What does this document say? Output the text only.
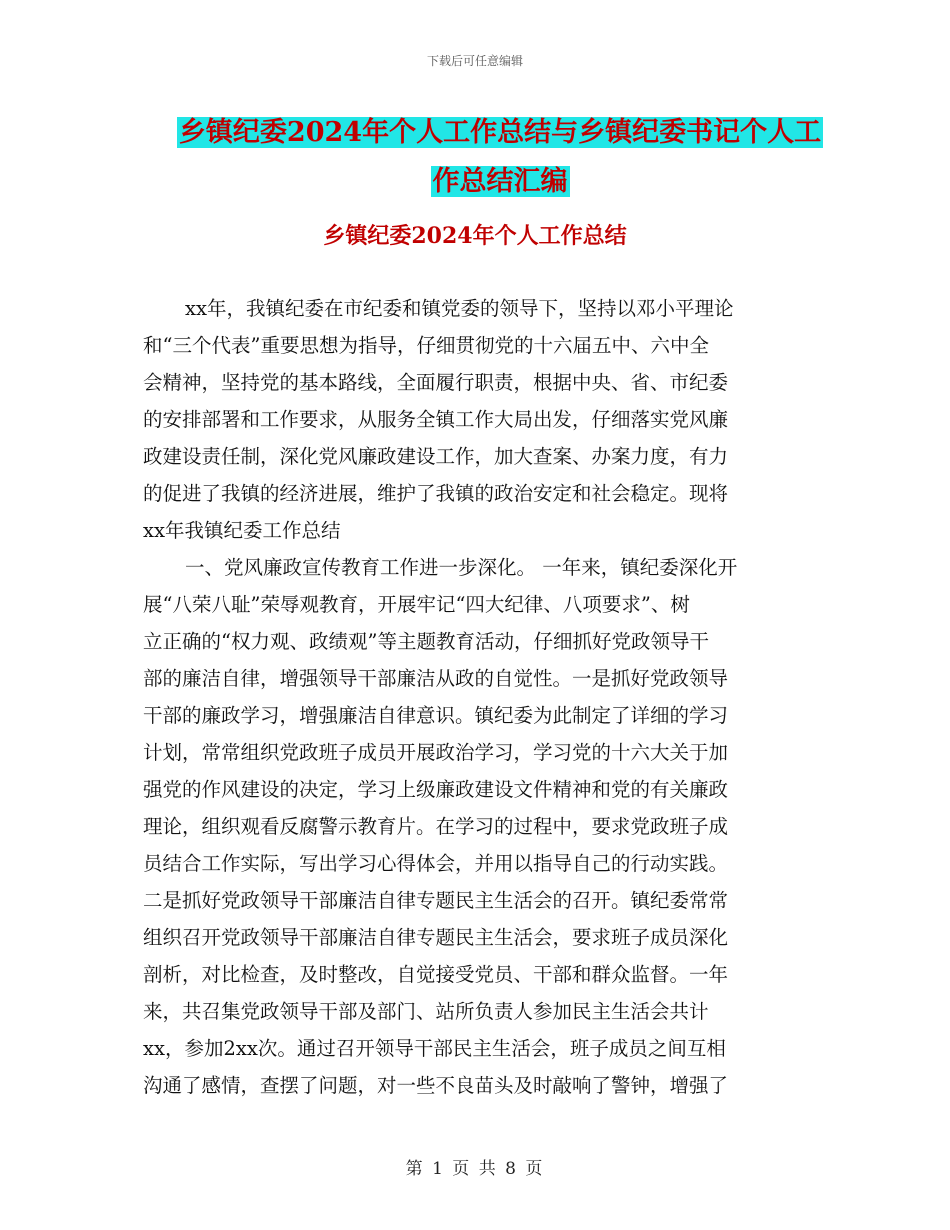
下载后可任意编辑
乡镇纪委2024年个人工作总结与乡镇纪委书记个人工
作总结汇编
乡镇纪委2024年个人工作总结
xx年，我镇纪委在市纪委和镇党委的领导下，坚持以邓小平理论
和“三个代表”重要思想为指导，仔细贯彻党的十六届五中、六中全
会精神，坚持党的基本路线，全面履行职责，根据中央、省、市纪委
的安排部署和工作要求，从服务全镇工作大局出发，仔细落实党风廉
政建设责任制，深化党风廉政建设工作，加大查案、办案力度，有力
的促进了我镇的经济进展，维护了我镇的政治安定和社会稳定。现将
xx年我镇纪委工作总结
一、党风廉政宣传教育工作进一步深化。 一年来，镇纪委深化开
展“八荣八耻”荣辱观教育，开展牢记“四大纪律、八项要求”、树
立正确的“权力观、政绩观”等主题教育活动，仔细抓好党政领导干
部的廉洁自律，增强领导干部廉洁从政的自觉性。一是抓好党政领导
干部的廉政学习，增强廉洁自律意识。镇纪委为此制定了详细的学习
计划，常常组织党政班子成员开展政治学习，学习党的十六大关于加
强党的作风建设的决定，学习上级廉政建设文件精神和党的有关廉政
理论，组织观看反腐警示教育片。在学习的过程中，要求党政班子成
员结合工作实际，写出学习心得体会，并用以指导自己的行动实践。
二是抓好党政领导干部廉洁自律专题民主生活会的召开。镇纪委常常
组织召开党政领导干部廉洁自律专题民主生活会，要求班子成员深化
剖析，对比检查，及时整改，自觉接受党员、干部和群众监督。一年
来，共召集党政领导干部及部门、站所负责人参加民主生活会共计
xx，参加2xx次。通过召开领导干部民主生活会，班子成员之间互相
沟通了感情，查摆了问题，对一些不良苗头及时敲响了警钟，增强了
第 1 页 共 8 页
